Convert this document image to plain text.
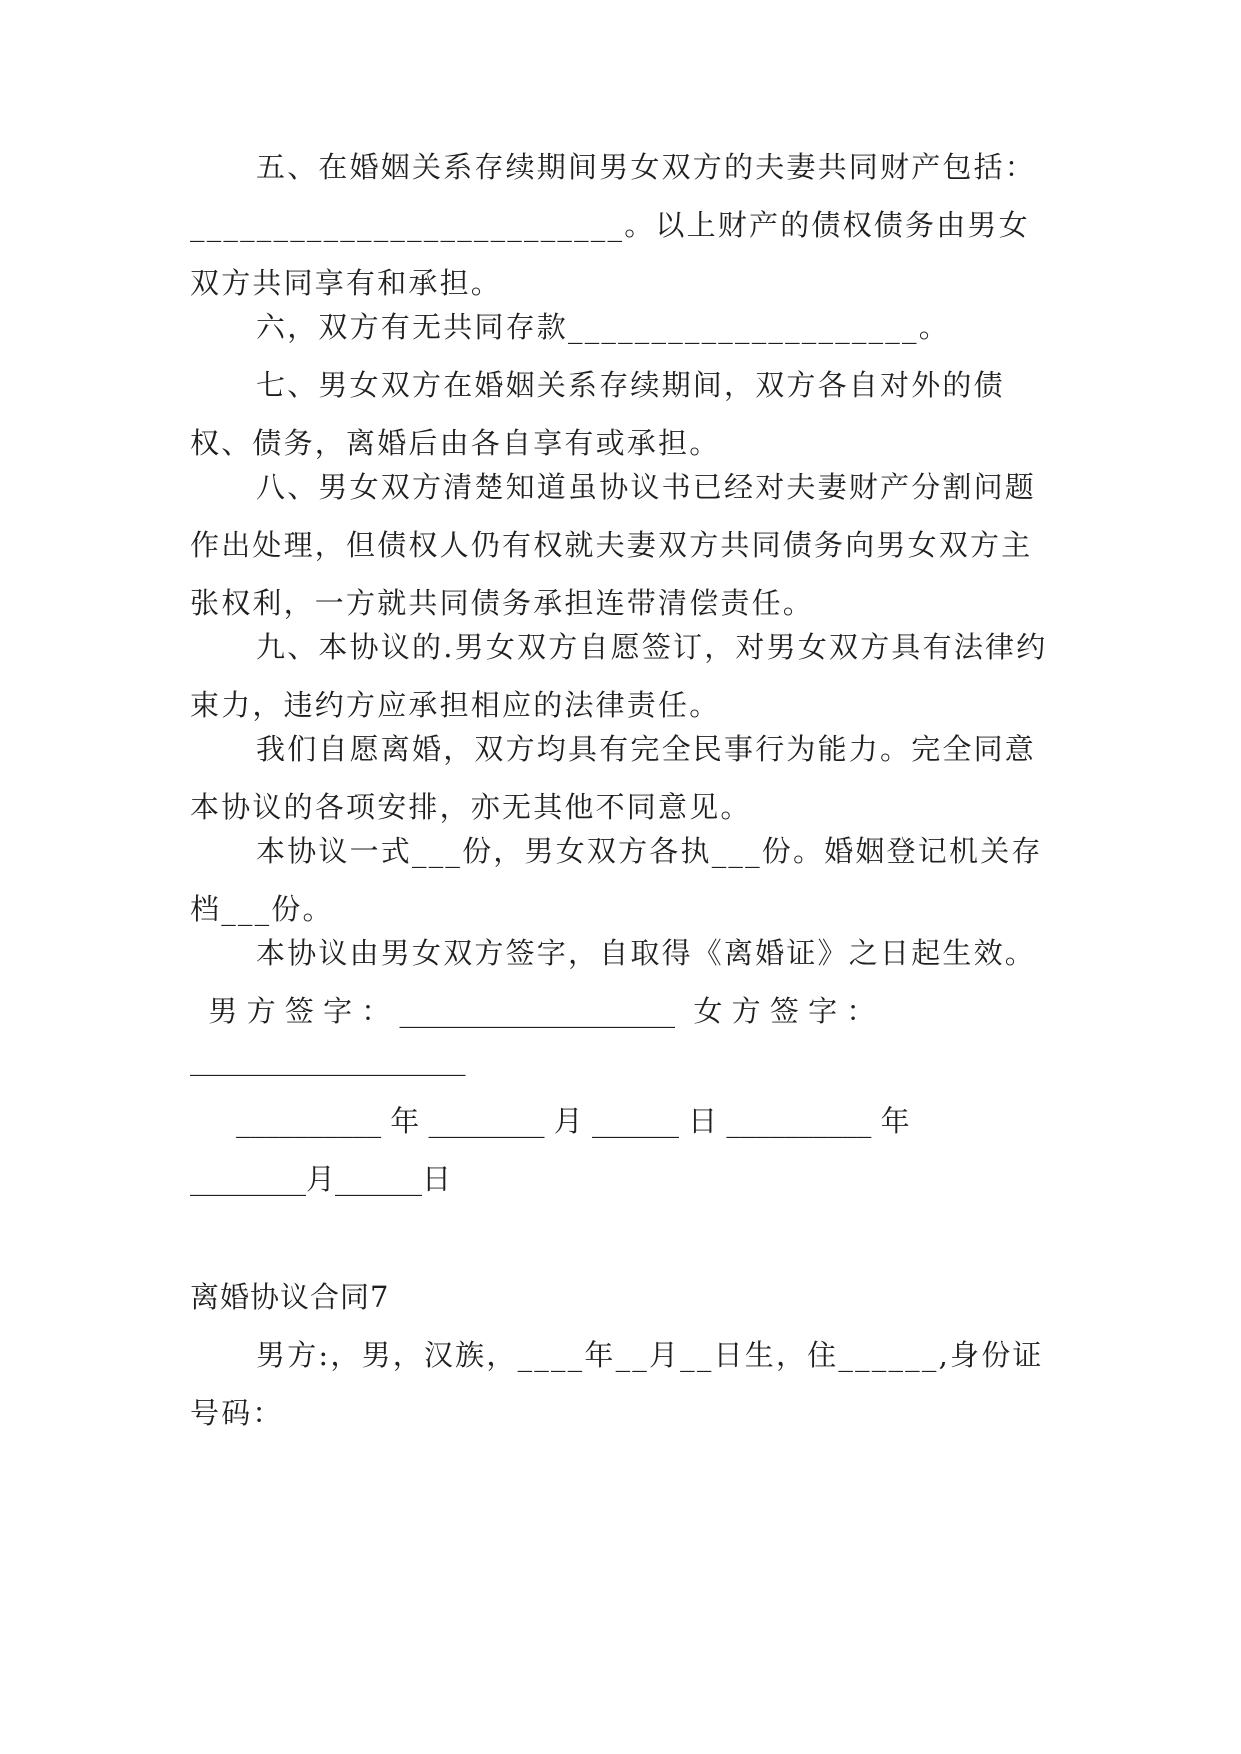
五、在婚姻关系存续期间男女双方的夫妻共同财产包括：__________________________。以上财产的债权债务由男女双方共同享有和承担。

六，双方有无共同存款_____________________。

七、男女双方在婚姻关系存续期间，双方各自对外的债权、债务，离婚后由各自享有或承担。

八、男女双方清楚知道虽协议书已经对夫妻财产分割问题作出处理，但债权人仍有权就夫妻双方共同债务向男女双方主张权利，一方就共同债务承担连带清偿责任。

九、本协议的.男女双方自愿签订，对男女双方具有法律约束力，违约方应承担相应的法律责任。

我们自愿离婚，双方均具有完全民事行为能力。完全同意本协议的各项安排，亦无其他不同意见。

本协议一式___份，男女双方各执___份。婚姻登记机关存档___份。

本协议由男女双方签字，自取得《离婚证》之日起生效。

男 方 签 字 ： ___________________  女 方 签 字 ：

___________________

__________ 年 ________ 月 ______ 日 __________ 年

________月______日

离婚协议合同7

男方:，男，汉族，____年__月__日生，住______,身份证号码：
